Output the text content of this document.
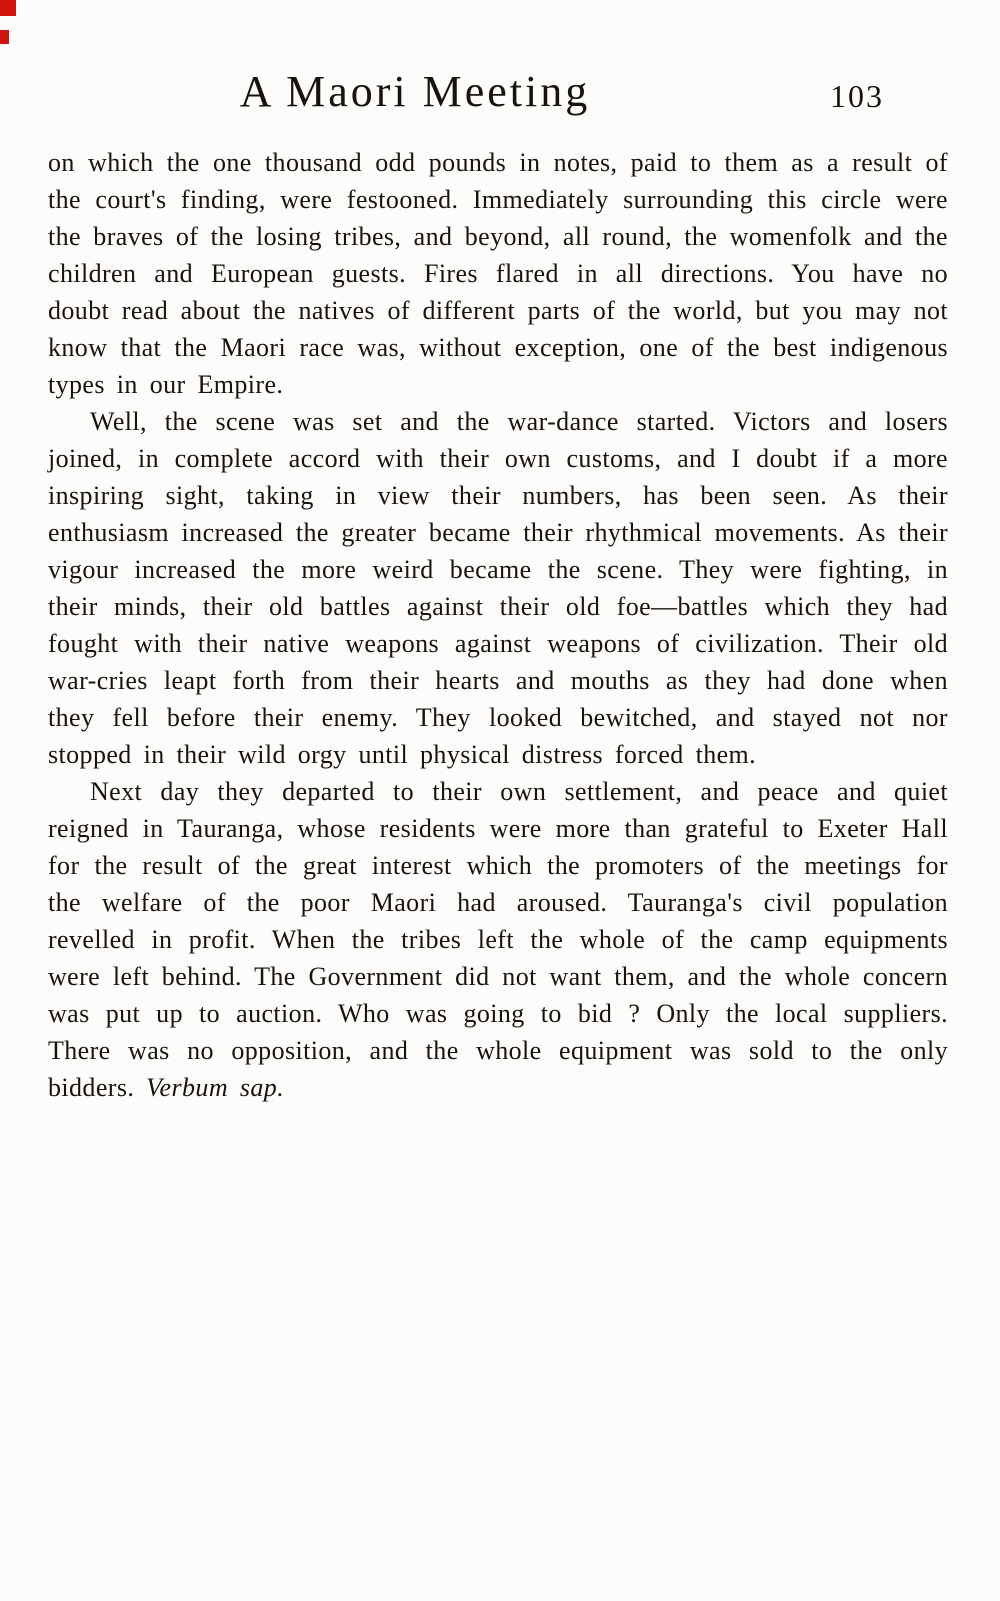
A Maori Meeting	103

on which the one thousand odd pounds in notes, paid to them as a result of the court's finding, were festooned. Immediately surrounding this circle were the braves of the losing tribes, and beyond, all round, the womenfolk and the children and European guests. Fires flared in all directions. You have no doubt read about the natives of different parts of the world, but you may not know that the Maori race was, without exception, one of the best indigenous types in our Empire.

Well, the scene was set and the war-dance started. Victors and losers joined, in complete accord with their own customs, and I doubt if a more inspiring sight, taking in view their numbers, has been seen. As their enthusiasm increased the greater became their rhythmical movements. As their vigour increased the more weird became the scene. They were fighting, in their minds, their old battles against their old foe—battles which they had fought with their native weapons against weapons of civilization. Their old war-cries leapt forth from their hearts and mouths as they had done when they fell before their enemy. They looked bewitched, and stayed not nor stopped in their wild orgy until physical distress forced them.

Next day they departed to their own settlement, and peace and quiet reigned in Tauranga, whose residents were more than grateful to Exeter Hall for the result of the great interest which the promoters of the meetings for the welfare of the poor Maori had aroused. Tauranga's civil population revelled in profit. When the tribes left the whole of the camp equipments were left behind. The Government did not want them, and the whole concern was put up to auction. Who was going to bid ? Only the local suppliers. There was no opposition, and the whole equipment was sold to the only bidders. Verbum sap.
